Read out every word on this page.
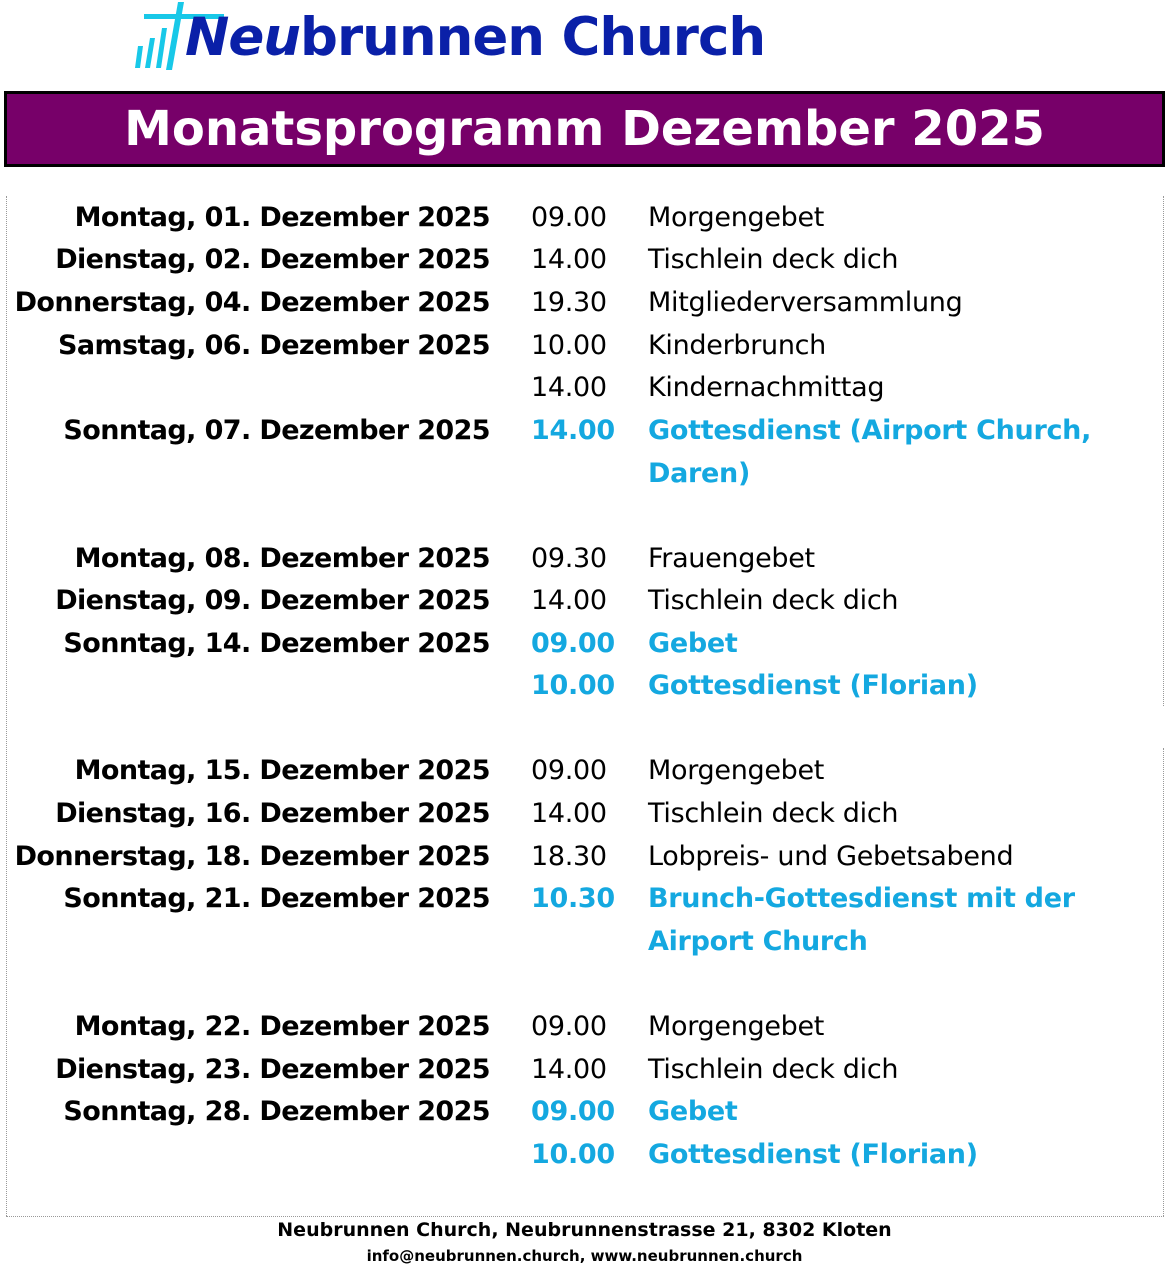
Neubrunnen Church
Monatsprogramm Dezember 2025
Montag, 01. Dezember 2025 09.00 Morgengebet
Dienstag, 02. Dezember 2025 14.00 Tischlein deck dich
Donnerstag, 04. Dezember 2025 19.30 Mitgliederversammlung
Samstag, 06. Dezember 2025 10.00 Kinderbrunch
14.00 Kindernachmittag
Sonntag, 07. Dezember 2025 14.00 Gottesdienst (Airport Church, Daren)
Montag, 08. Dezember 2025 09.30 Frauengebet
Dienstag, 09. Dezember 2025 14.00 Tischlein deck dich
Sonntag, 14. Dezember 2025 09.00 Gebet
10.00 Gottesdienst (Florian)
Montag, 15. Dezember 2025 09.00 Morgengebet
Dienstag, 16. Dezember 2025 14.00 Tischlein deck dich
Donnerstag, 18. Dezember 2025 18.30 Lobpreis- und Gebetsabend
Sonntag, 21. Dezember 2025 10.30 Brunch-Gottesdienst mit der Airport Church
Montag, 22. Dezember 2025 09.00 Morgengebet
Dienstag, 23. Dezember 2025 14.00 Tischlein deck dich
Sonntag, 28. Dezember 2025 09.00 Gebet
10.00 Gottesdienst (Florian)
Neubrunnen Church, Neubrunnenstrasse 21, 8302 Kloten
info@neubrunnen.church, www.neubrunnen.church
